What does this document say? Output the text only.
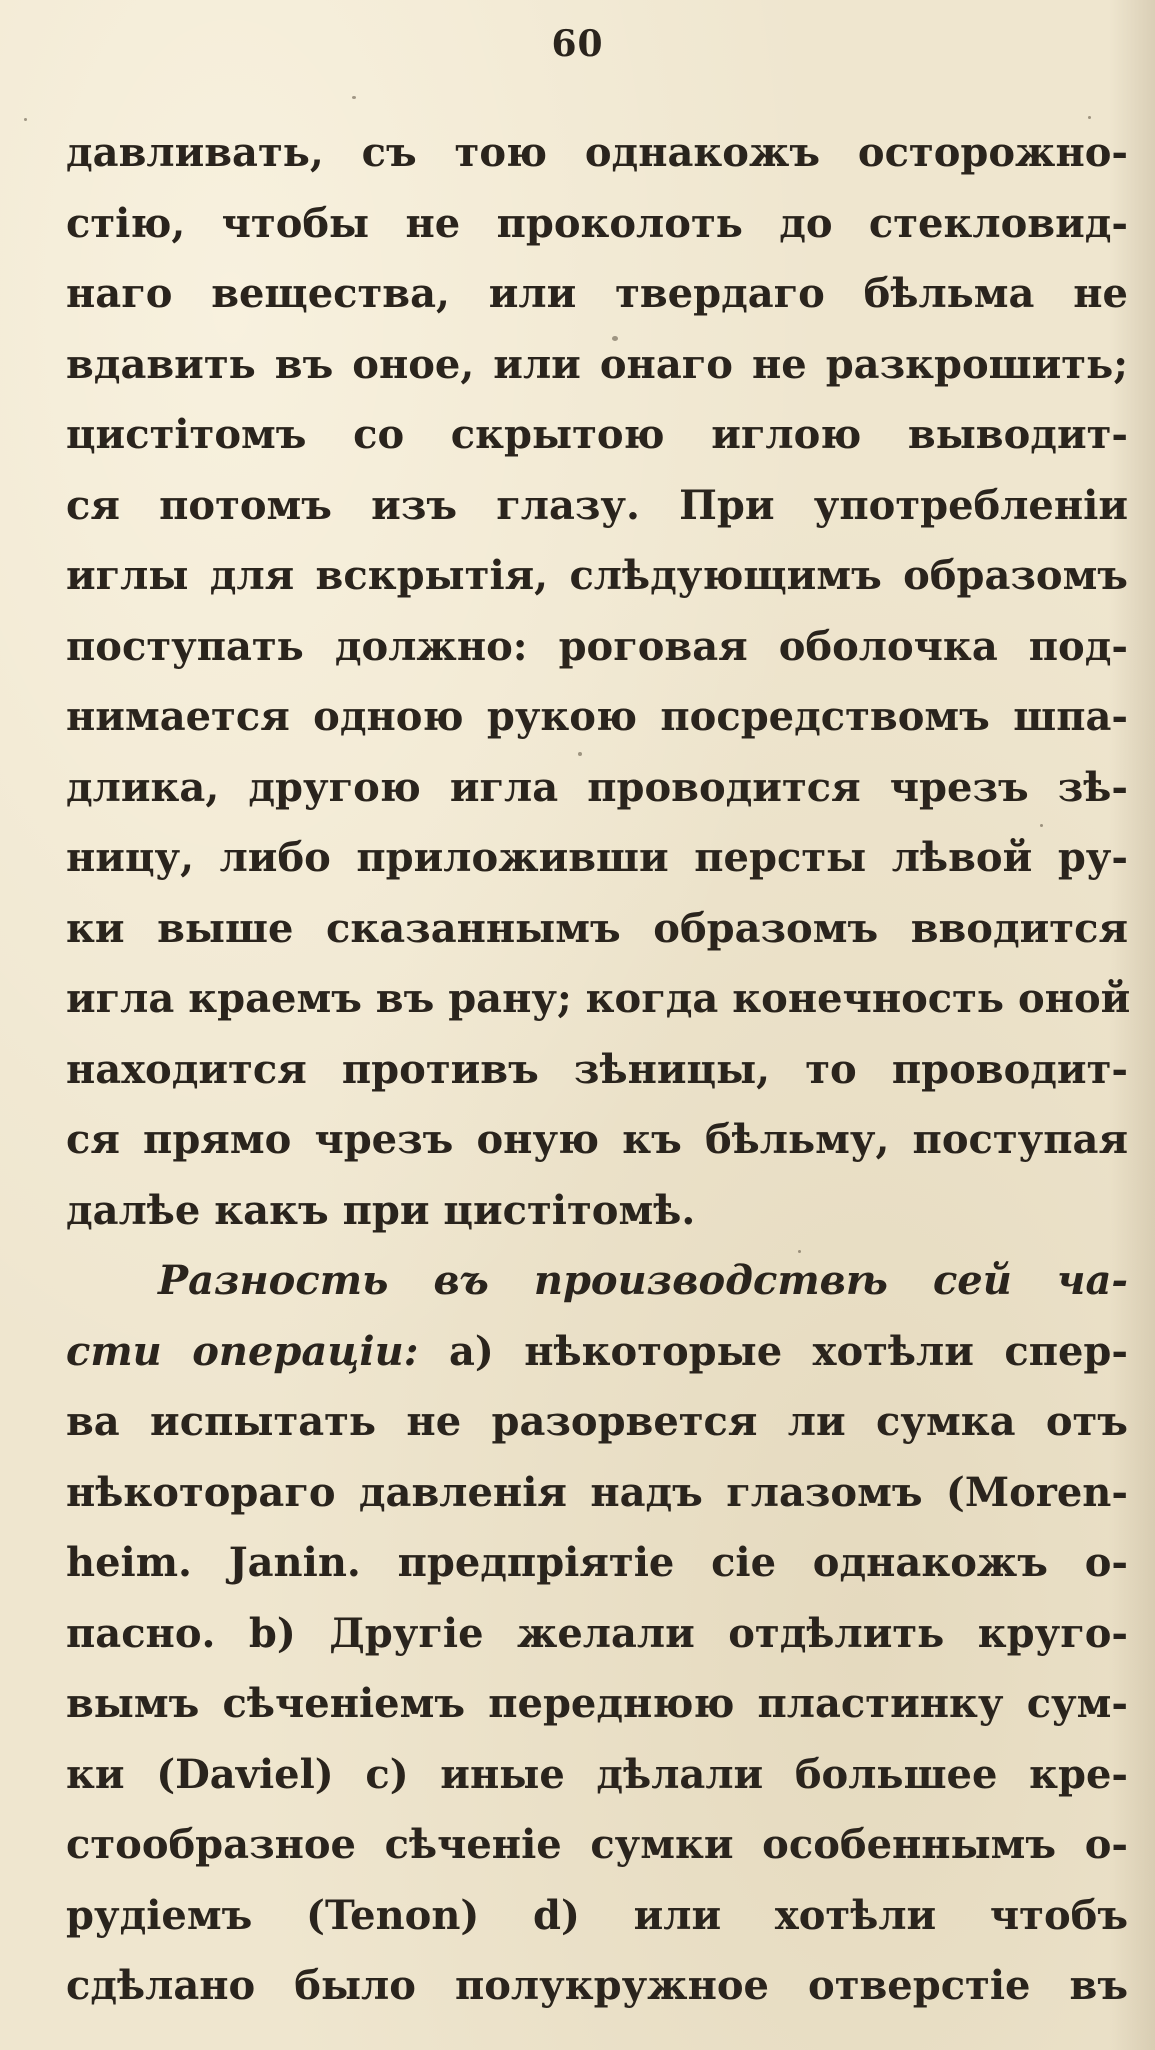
60
давливать, съ тою однакожъ осторожно-
стію, чтобы не проколоть до стекловид-
наго вещества, или твердаго бѣльма не
вдавить въ оное, или онаго не разкрошить;
цистітомъ со скрытою иглою выводит-
ся потомъ изъ глазу. При употребленіи
иглы для вскрытія, слѣдующимъ образомъ
поступать должно: роговая оболочка под-
нимается одною рукою посредствомъ шпа-
длика, другою игла проводится чрезъ зѣ-
ницу, либо приложивши персты лѣвой ру-
ки выше сказаннымъ образомъ вводится
игла краемъ въ рану; когда конечность оной
находится противъ зѣницы, то проводит-
ся прямо чрезъ оную къ бѣльму, поступая
далѣе какъ при цистітомѣ.
Разность въ производствѣ сей ча-
сти операціи: а) нѣкоторые хотѣли спер-
ва испытать не разорвется ли сумка отъ
нѣкотораго давленія надъ глазомъ (Moren-
heim. Janin. предпріятіе сіе однакожъ о-
пасно. b) Другіе желали отдѣлить круго-
вымъ сѣченіемъ переднюю пластинку сум-
ки (Daviel) с) иные дѣлали большее кре-
стообразное сѣченіе сумки особеннымъ о-
рудіемъ (Tenon) d) или хотѣли чтобъ
сдѣлано было полукружное отверстіе въ
